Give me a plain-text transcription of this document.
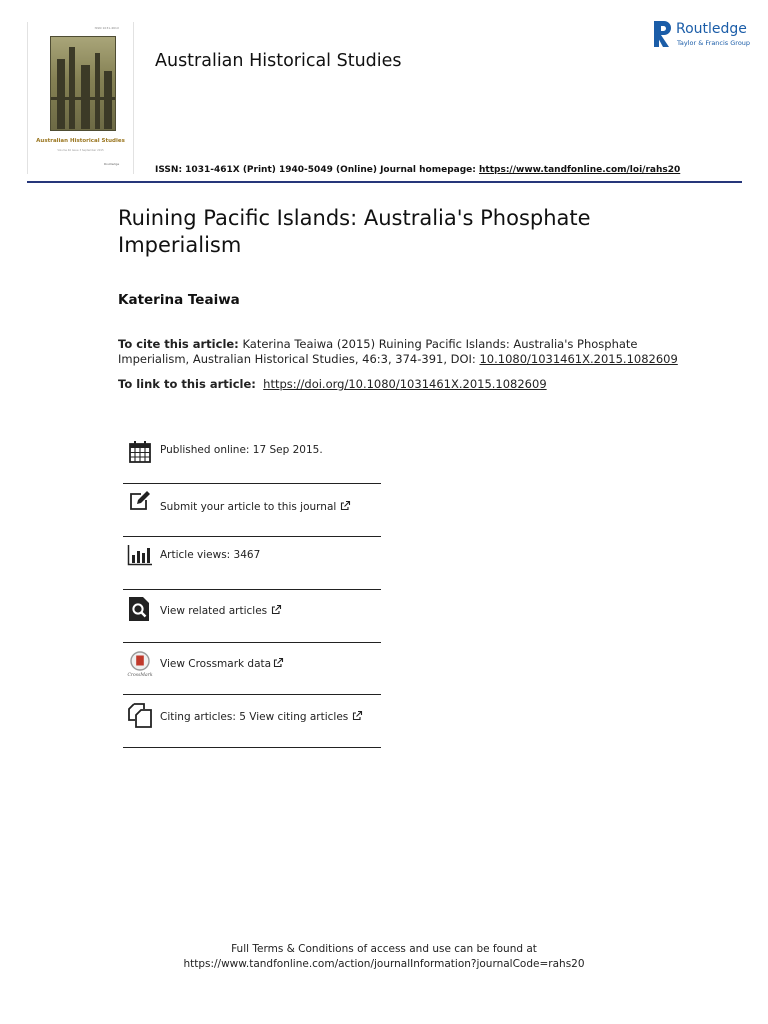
ISSN 1031-461X
Australian Historical Studies
Volume 46 Issue 3 September 2015
Routledge
Australian Historical Studies
Routledge
Taylor & Francis Group
ISSN: 1031-461X (Print) 1940-5049 (Online) Journal homepage: https://www.tandfonline.com/loi/rahs20
Ruining Pacific Islands: Australia's Phosphate Imperialism
Katerina Teaiwa
To cite this article: Katerina Teaiwa (2015) Ruining Pacific Islands: Australia's Phosphate Imperialism, Australian Historical Studies, 46:3, 374-391, DOI: 10.1080/1031461X.2015.1082609
To link to this article: https://doi.org/10.1080/1031461X.2015.1082609
Published online: 17 Sep 2015.
Submit your article to this journal
Article views: 3467
View related articles
CrossMark
View Crossmark data
Citing articles: 5 View citing articles
Full Terms & Conditions of access and use can be found at
https://www.tandfonline.com/action/journalInformation?journalCode=rahs20
